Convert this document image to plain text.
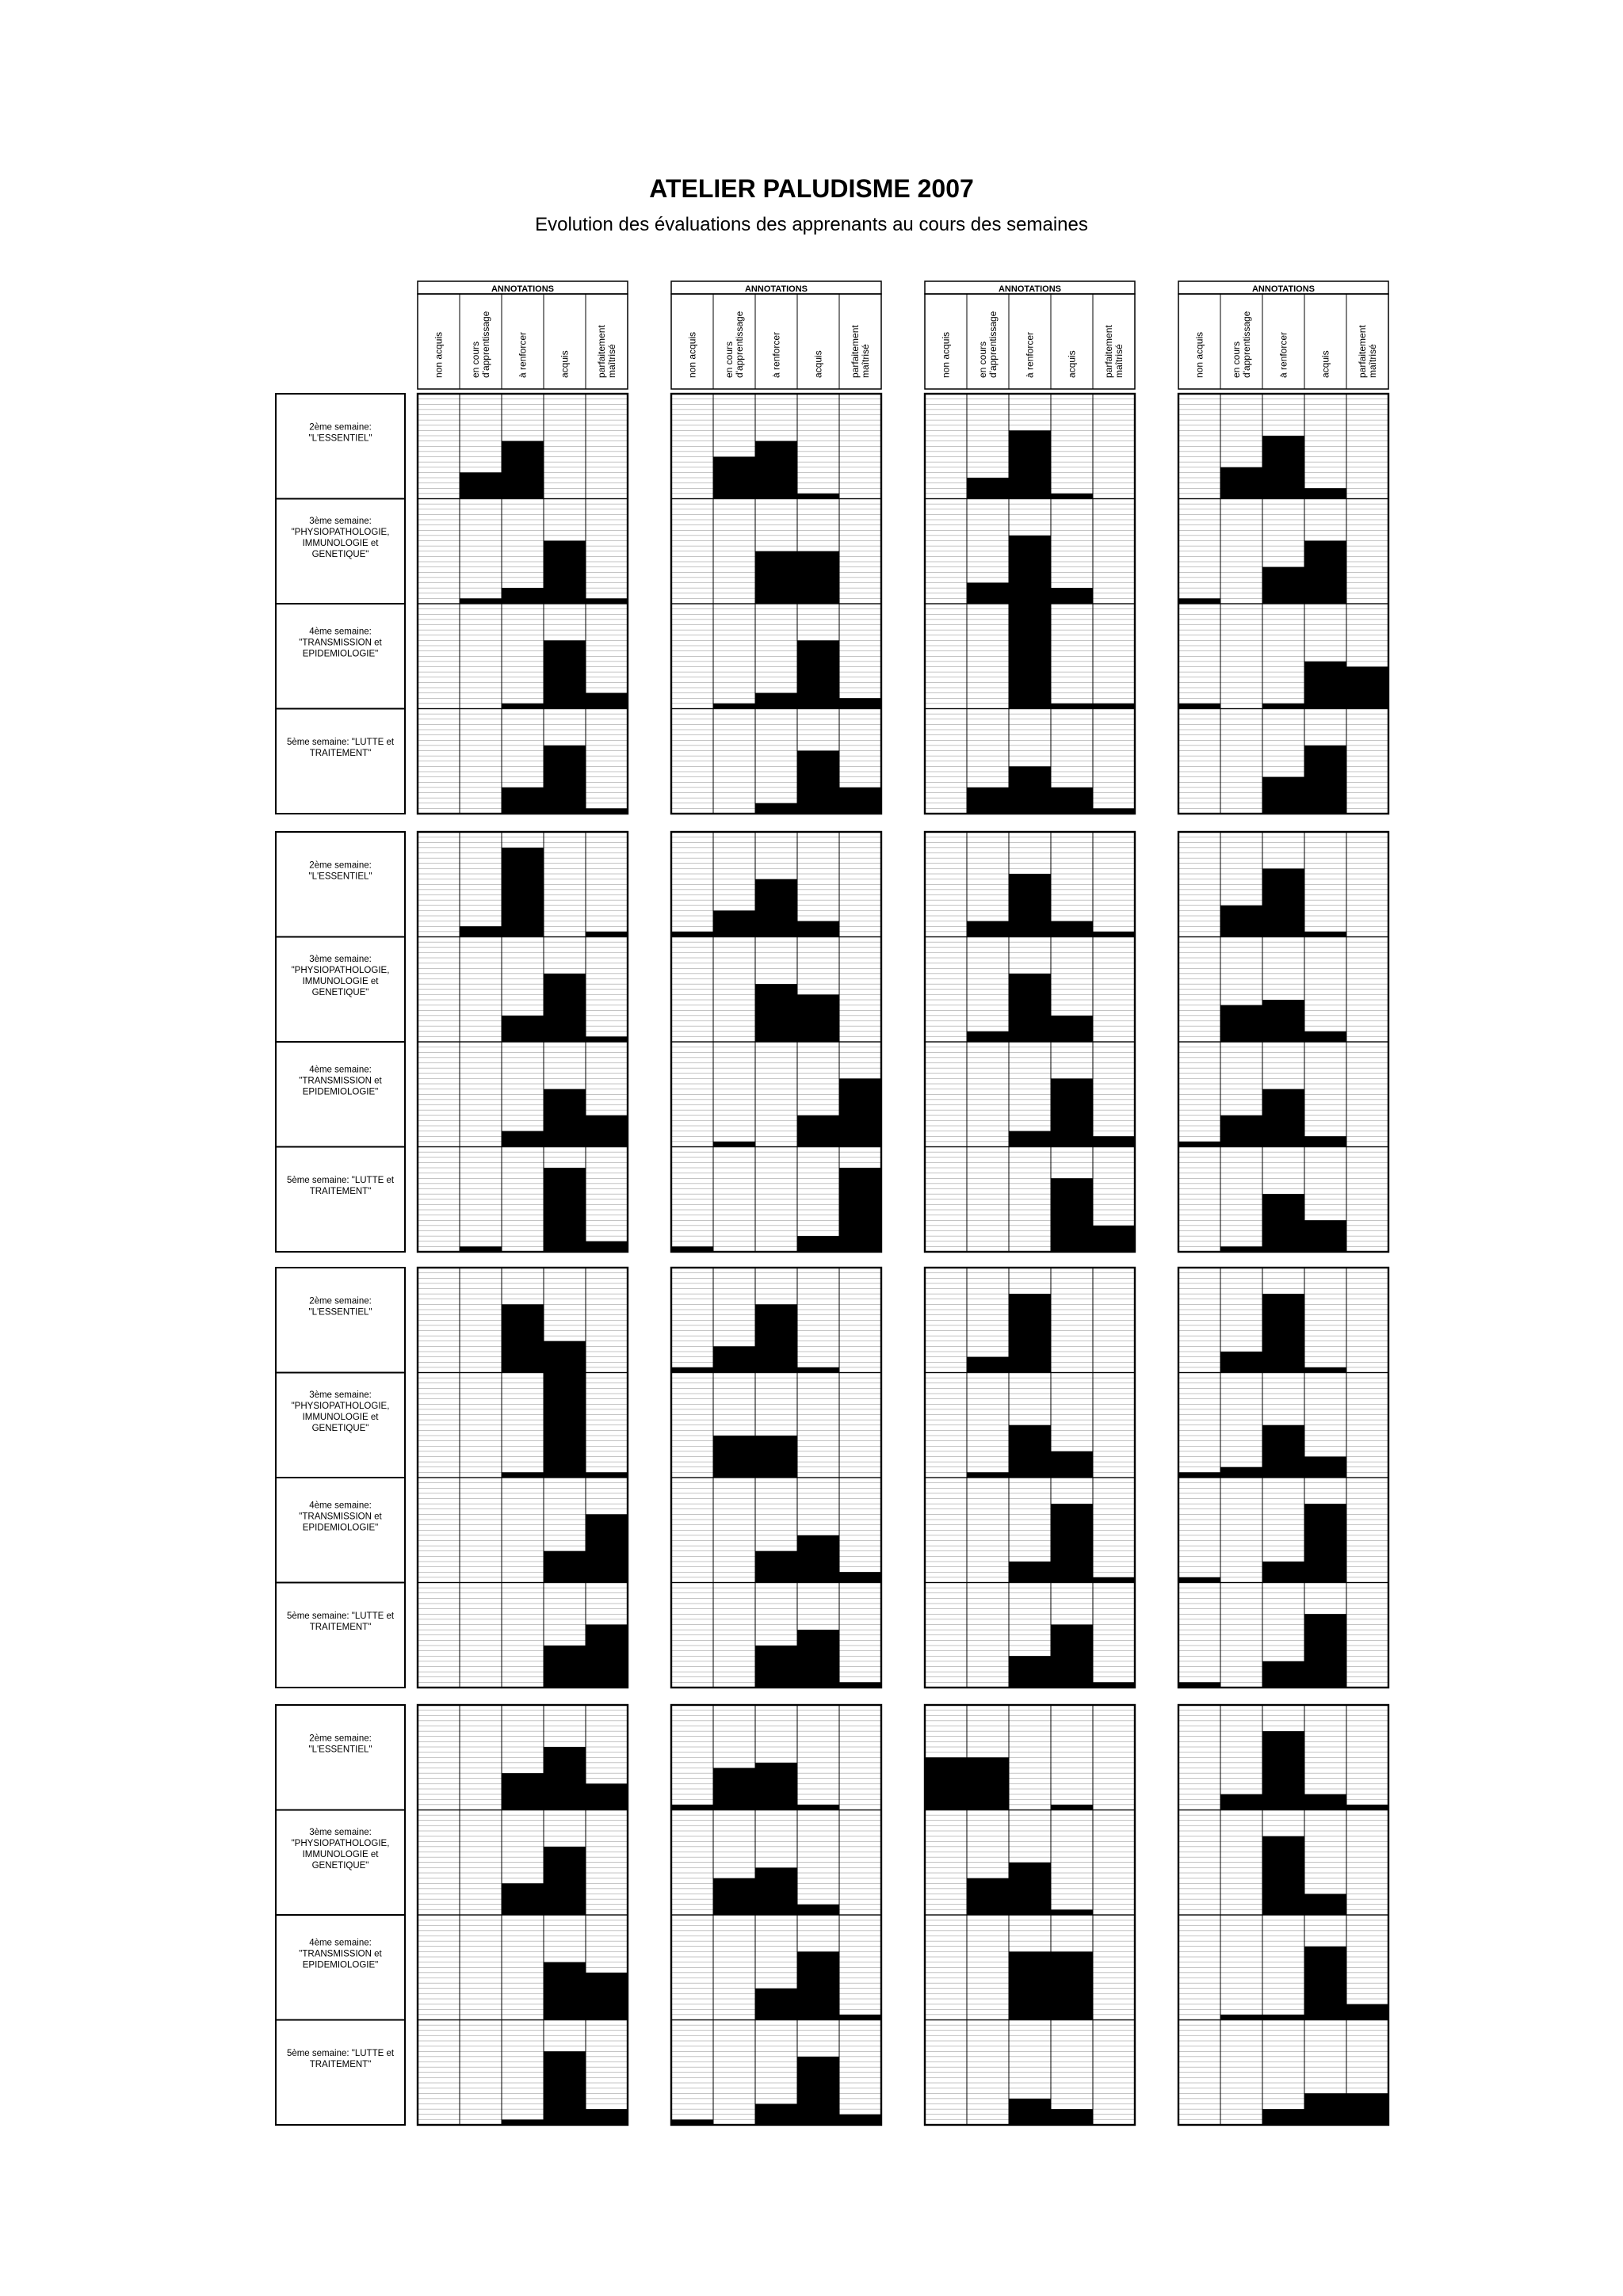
ATELIER PALUDISME 2007
Evolution des évaluations des apprenants au cours des semaines
ANNOTATIONS
non acquis	en cours d'apprentissage	à renforcer	acquis	parfaitement maîtrisé
ANNOTATIONS
non acquis	en cours d'apprentissage	à renforcer	acquis	parfaitement maîtrisé
ANNOTATIONS
non acquis	en cours d'apprentissage	à renforcer	acquis	parfaitement maîtrisé
ANNOTATIONS
non acquis	en cours d'apprentissage	à renforcer	acquis	parfaitement maîtrisé
2ème semaine:
"L'ESSENTIEL"
3ème semaine:
"PHYSIOPATHOLOGIE,
IMMUNOLOGIE et
GENETIQUE"
4ème semaine:
"TRANSMISSION et
EPIDEMIOLOGIE"
5ème semaine: "LUTTE et
TRAITEMENT"
2ème semaine:
"L'ESSENTIEL"
3ème semaine:
"PHYSIOPATHOLOGIE,
IMMUNOLOGIE et
GENETIQUE"
4ème semaine:
"TRANSMISSION et
EPIDEMIOLOGIE"
5ème semaine: "LUTTE et
TRAITEMENT"
2ème semaine:
"L'ESSENTIEL"
3ème semaine:
"PHYSIOPATHOLOGIE,
IMMUNOLOGIE et
GENETIQUE"
4ème semaine:
"TRANSMISSION et
EPIDEMIOLOGIE"
5ème semaine: "LUTTE et
TRAITEMENT"
2ème semaine:
"L'ESSENTIEL"
3ème semaine:
"PHYSIOPATHOLOGIE,
IMMUNOLOGIE et
GENETIQUE"
4ème semaine:
"TRANSMISSION et
EPIDEMIOLOGIE"
5ème semaine: "LUTTE et
TRAITEMENT"
